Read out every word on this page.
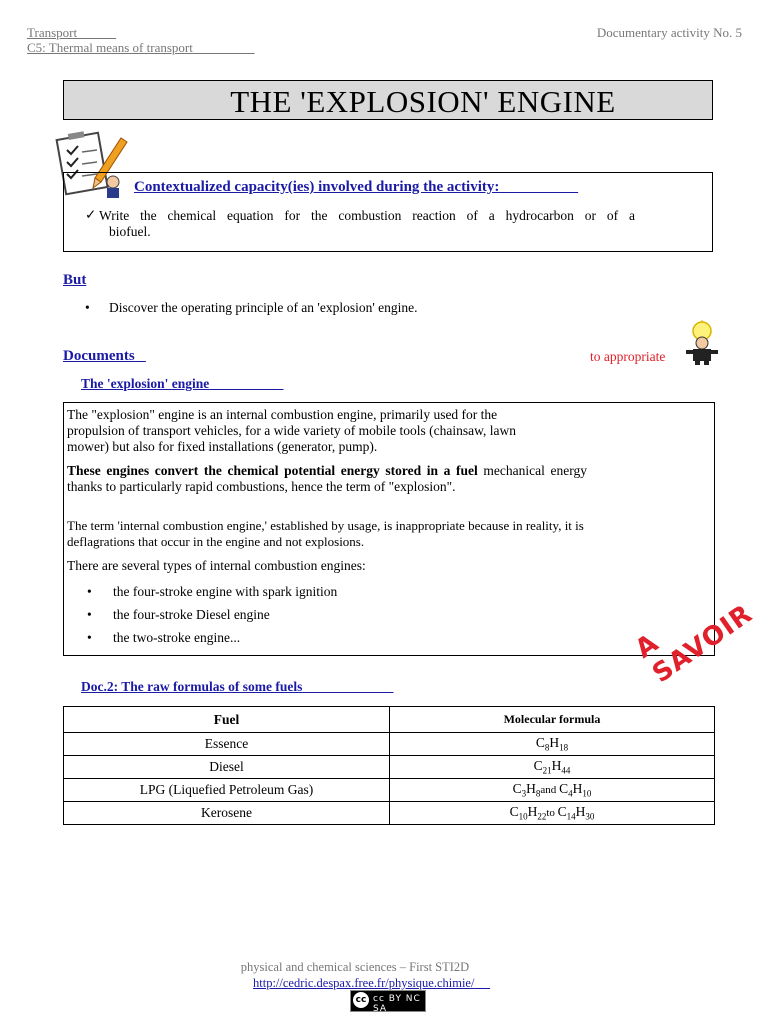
Transport
C5: Thermal means of transport
Documentary activity No. 5
THE 'EXPLOSION' ENGINE
Contextualized capacity(ies) involved during the activity:
✓ Write the chemical equation for the combustion reaction of a hydrocarbon or of a
biofuel.
But
• Discover the operating principle of an 'explosion' engine.
Documents	to appropriate
The 'explosion' engine

The "explosion" engine is an internal combustion engine, primarily used for the propulsion of transport vehicles, for a wide variety of mobile tools (chainsaw, lawn mower) but also for fixed installations (generator, pump).

These engines convert the chemical potential energy stored in a fuel mechanical energy thanks to particularly rapid combustions, hence the term of "explosion".

The term 'internal combustion engine,' established by usage, is inappropriate because in reality, it is deflagrations that occur in the engine and not explosions.

There are several types of internal combustion engines:

• the four-stroke engine with spark ignition
• the four-stroke Diesel engine
• the two-stroke engine...	A SAVOIR
Doc.2: The raw formulas of some fuels
Fuel	Molecular formula
Essence	$C_8H_{18}$
Diesel	$C_{21}H_{44}$
LPG (Liquefied Petroleum Gas)	$C_3H_8and$ $C_4H_{10}$
Kerosene	$C_{10}H_{22}to$ $C_{14}H_{30}$
physical and chemical sciences – First STI2D
http://cedric.despax.free.fr/physique.chimie/
cc cc BY NC SA
